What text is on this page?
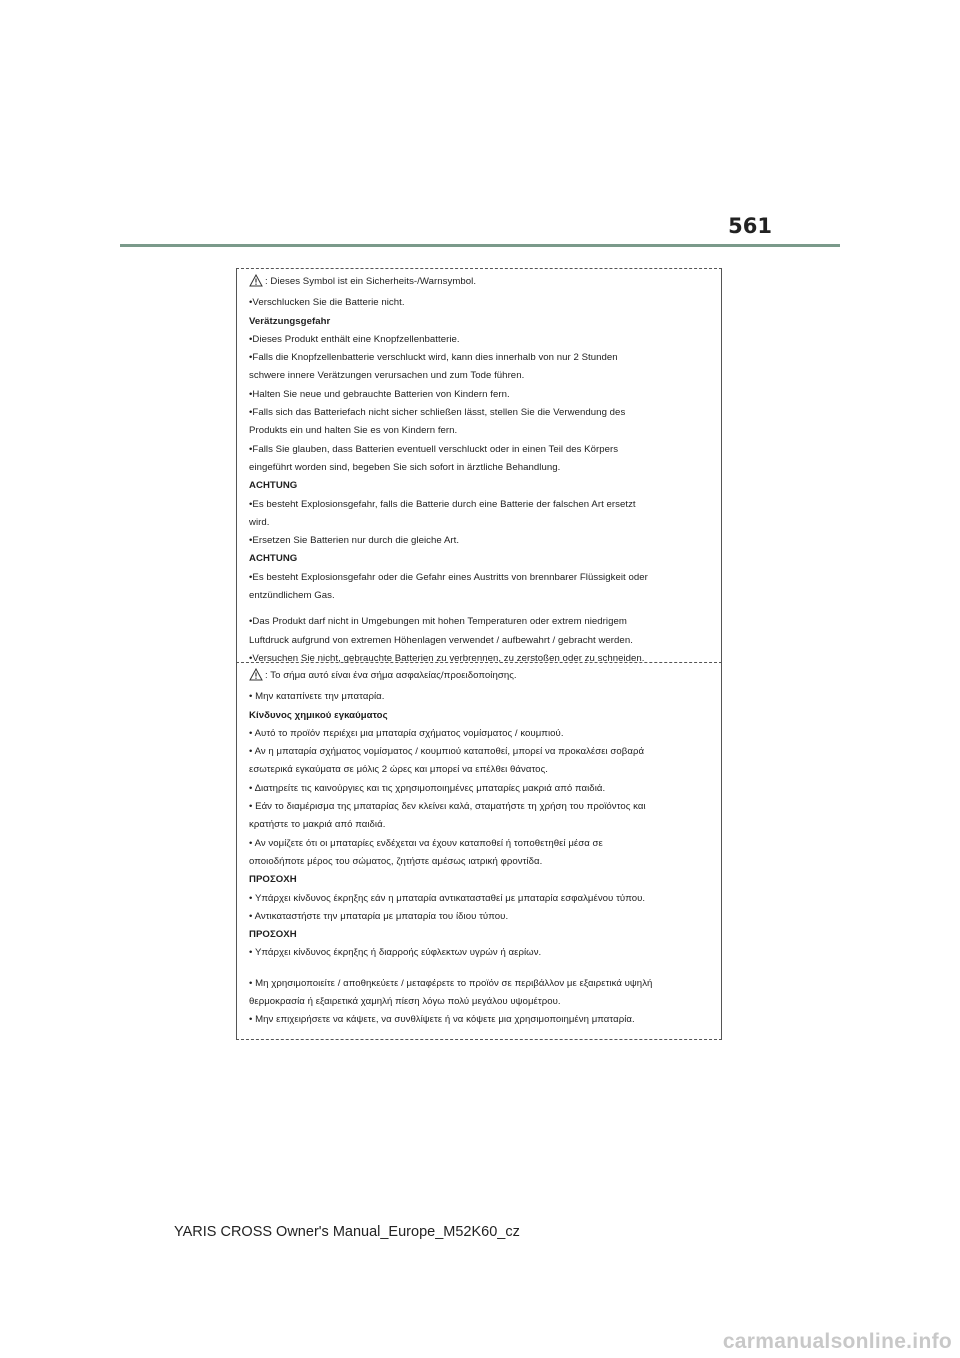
561
: Dieses Symbol ist ein Sicherheits-/Warnsymbol.
•Verschlucken Sie die Batterie nicht.
Verätzungsgefahr
•Dieses Produkt enthält eine Knopfzellenbatterie.
•Falls die Knopfzellenbatterie verschluckt wird, kann dies innerhalb von nur 2 Stunden
schwere innere Verätzungen verursachen und zum Tode führen.
•Halten Sie neue und gebrauchte Batterien von Kindern fern.
•Falls sich das Batteriefach nicht sicher schließen lässt, stellen Sie die Verwendung des
Produkts ein und halten Sie es von Kindern fern.
•Falls Sie glauben, dass Batterien eventuell verschluckt oder in einen Teil des Körpers
eingeführt worden sind, begeben Sie sich sofort in ärztliche Behandlung.
ACHTUNG
•Es besteht Explosionsgefahr, falls die Batterie durch eine Batterie der falschen Art ersetzt
wird.
•Ersetzen Sie Batterien nur durch die gleiche Art.
ACHTUNG
•Es besteht Explosionsgefahr oder die Gefahr eines Austritts von brennbarer Flüssigkeit oder
entzündlichem Gas.
•Das Produkt darf nicht in Umgebungen mit hohen Temperaturen oder extrem niedrigem
Luftdruck aufgrund von extremen Höhenlagen verwendet / aufbewahrt / gebracht werden.
•Versuchen Sie nicht, gebrauchte Batterien zu verbrennen, zu zerstoßen oder zu schneiden.
: Το σήμα αυτό είναι ένα σήμα ασφαλείας/προειδοποίησης.
• Μην καταπίνετε την μπαταρία.
Κίνδυνος χημικού εγκαύματος
• Αυτό το προϊόν περιέχει μια μπαταρία σχήματος νομίσματος / κουμπιού.
• Αν η μπαταρία σχήματος νομίσματος / κουμπιού καταποθεί, μπορεί να προκαλέσει σοβαρά
εσωτερικά εγκαύματα σε μόλις 2 ώρες και μπορεί να επέλθει θάνατος.
• Διατηρείτε τις καινούργιες και τις χρησιμοποιημένες μπαταρίες μακριά από παιδιά.
• Εάν το διαμέρισμα της μπαταρίας δεν κλείνει καλά, σταματήστε τη χρήση του προϊόντος και
κρατήστε το μακριά από παιδιά.
• Αν νομίζετε ότι οι μπαταρίες ενδέχεται να έχουν καταποθεί ή τοποθετηθεί μέσα σε
οποιοδήποτε μέρος του σώματος, ζητήστε αμέσως ιατρική φροντίδα.
ΠΡΟΣΟΧΗ
• Υπάρχει κίνδυνος έκρηξης εάν η μπαταρία αντικατασταθεί με μπαταρία εσφαλμένου τύπου.
• Αντικαταστήστε την μπαταρία με μπαταρία του ίδιου τύπου.
ΠΡΟΣΟΧΗ
• Υπάρχει κίνδυνος έκρηξης ή διαρροής εύφλεκτων υγρών ή αερίων.
• Μη χρησιμοποιείτε / αποθηκεύετε / μεταφέρετε το προϊόν σε περιβάλλον με εξαιρετικά υψηλή
θερμοκρασία ή εξαιρετικά χαμηλή πίεση λόγω πολύ μεγάλου υψομέτρου.
• Μην επιχειρήσετε να κάψετε, να συνθλίψετε ή να κόψετε μια χρησιμοποιημένη μπαταρία.
YARIS CROSS Owner's Manual_Europe_M52K60_cz
carmanualsonline.info
